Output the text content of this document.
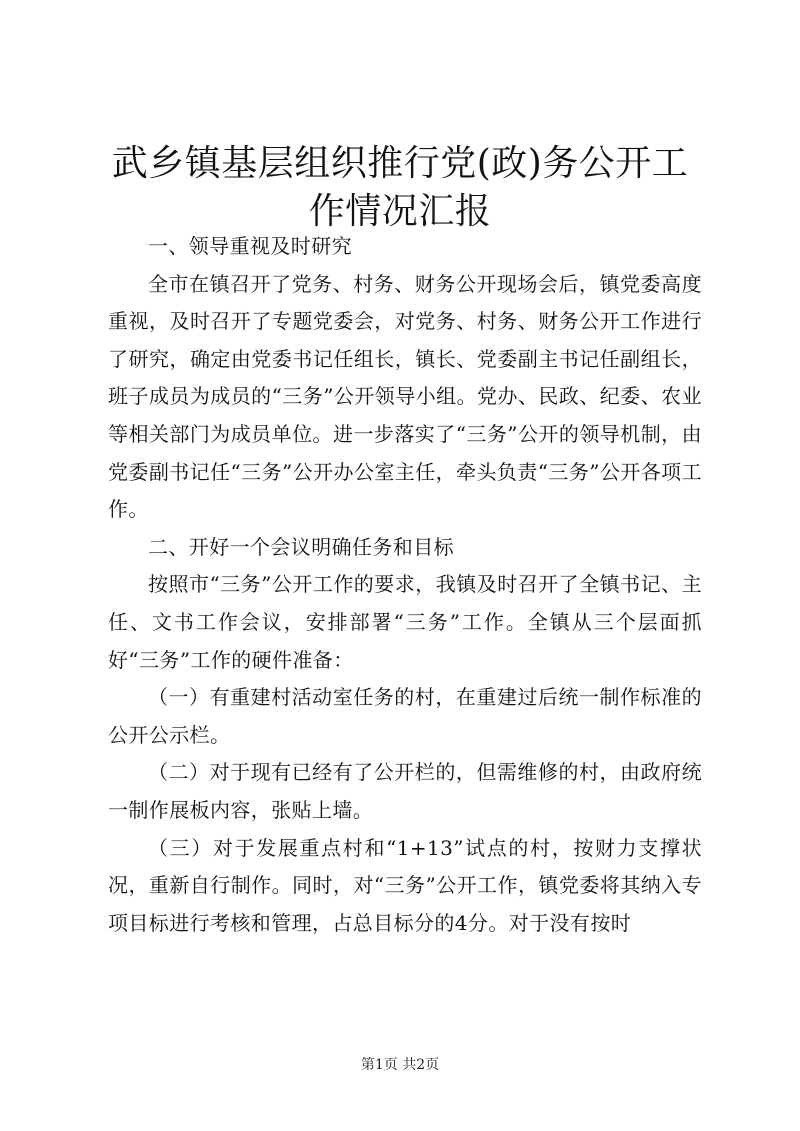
武乡镇基层组织推行党(政)务公开工作情况汇报

一、领导重视及时研究

全市在镇召开了党务、村务、财务公开现场会后，镇党委高度重视，及时召开了专题党委会，对党务、村务、财务公开工作进行了研究，确定由党委书记任组长，镇长、党委副主书记任副组长，班子成员为成员的“三务”公开领导小组。党办、民政、纪委、农业等相关部门为成员单位。进一步落实了“三务”公开的领导机制，由党委副书记任“三务”公开办公室主任，牵头负责“三务”公开各项工作。

二、开好一个会议明确任务和目标

按照市“三务”公开工作的要求，我镇及时召开了全镇书记、主任、文书工作会议，安排部署“三务”工作。全镇从三个层面抓好“三务”工作的硬件准备：

（一）有重建村活动室任务的村，在重建过后统一制作标准的公开公示栏。

（二）对于现有已经有了公开栏的，但需维修的村，由政府统一制作展板内容，张贴上墙。

（三）对于发展重点村和“1+13”试点的村，按财力支撑状况，重新自行制作。同时，对“三务”公开工作，镇党委将其纳入专项目标进行考核和管理，占总目标分的4分。对于没有按时

第1页 共2页
